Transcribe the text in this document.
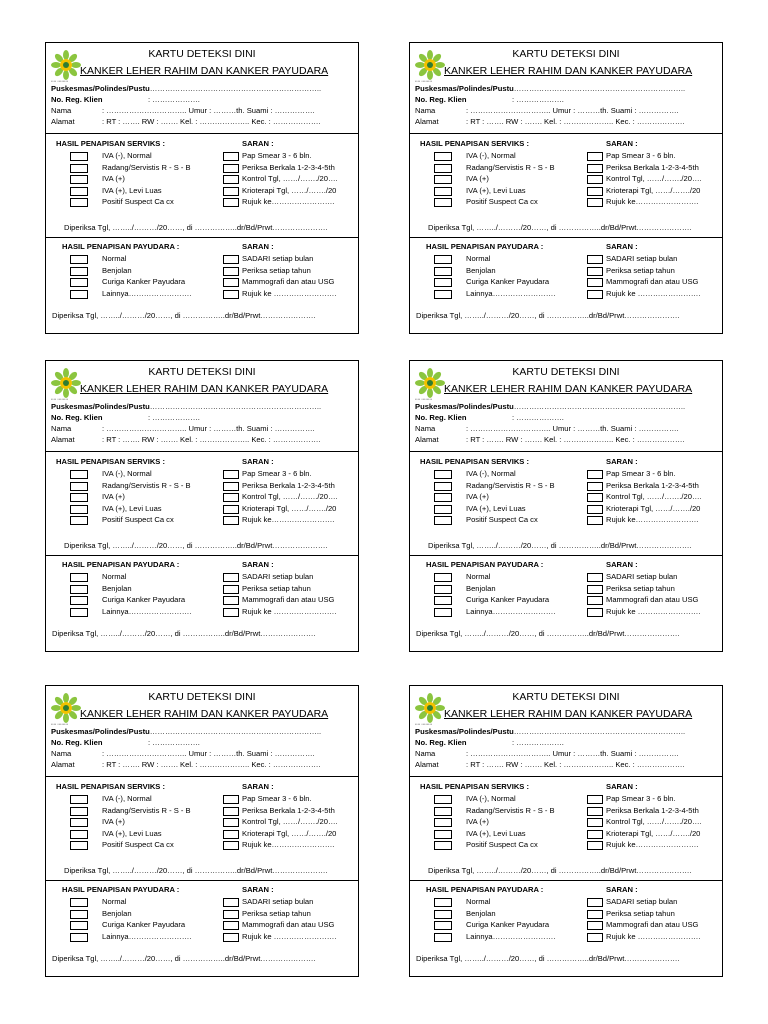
•••• ••••••••
KARTU DETEKSI DINI
KANKER LEHER RAHIM DAN KANKER PAYUDARA
Puskesmas/Polindes/Pustu…………………………………………………………..
No. Reg. Klien	: ……………….
Nama	: ………………………….. Umur : ………th. Suami : …………….
Alamat	: RT : ……. RW : ……. Kel. : ……………….. Kec. : ……………….
HASIL PENAPISAN SERVIKS :	SARAN :
IVA (-), Normal	Pap Smear 3 - 6 bln.
Radang/Servistis R - S - B	Periksa Berkala 1-2-3-4-5th
IVA (+)	Kontrol Tgl, ……/……./20….
IVA (+), Levi Luas	Krioterapi Tgl, ……/……./20
Positif Suspect Ca cx	Rujuk ke…………………….
Diperiksa Tgl, ……../………/20……, di ……………..dr/Bd/Prwt………………….
HASIL PENAPISAN PAYUDARA :	SARAN :
Normal	SADARI setiap bulan
Benjolan	Periksa setiap tahun
Curiga Kanker Payudara	Mammografi dan atau USG
Lainnya…………………….	Rujuk ke …………………….
Diperiksa Tgl, ……../………/20……, di ……………..dr/Bd/Prwt………………….
•••• ••••••••
KARTU DETEKSI DINI
KANKER LEHER RAHIM DAN KANKER PAYUDARA
Puskesmas/Polindes/Pustu…………………………………………………………..
No. Reg. Klien	: ……………….
Nama	: ………………………….. Umur : ………th. Suami : …………….
Alamat	: RT : ……. RW : ……. Kel. : ……………….. Kec. : ……………….
HASIL PENAPISAN SERVIKS :	SARAN :
IVA (-), Normal	Pap Smear 3 - 6 bln.
Radang/Servistis R - S - B	Periksa Berkala 1-2-3-4-5th
IVA (+)	Kontrol Tgl, ……/……./20….
IVA (+), Levi Luas	Krioterapi Tgl, ……/……./20
Positif Suspect Ca cx	Rujuk ke…………………….
Diperiksa Tgl, ……../………/20……, di ……………..dr/Bd/Prwt………………….
HASIL PENAPISAN PAYUDARA :	SARAN :
Normal	SADARI setiap bulan
Benjolan	Periksa setiap tahun
Curiga Kanker Payudara	Mammografi dan atau USG
Lainnya…………………….	Rujuk ke …………………….
Diperiksa Tgl, ……../………/20……, di ……………..dr/Bd/Prwt………………….
•••• ••••••••
KARTU DETEKSI DINI
KANKER LEHER RAHIM DAN KANKER PAYUDARA
Puskesmas/Polindes/Pustu…………………………………………………………..
No. Reg. Klien	: ……………….
Nama	: ………………………….. Umur : ………th. Suami : …………….
Alamat	: RT : ……. RW : ……. Kel. : ……………….. Kec. : ……………….
HASIL PENAPISAN SERVIKS :	SARAN :
IVA (-), Normal	Pap Smear 3 - 6 bln.
Radang/Servistis R - S - B	Periksa Berkala 1-2-3-4-5th
IVA (+)	Kontrol Tgl, ……/……./20….
IVA (+), Levi Luas	Krioterapi Tgl, ……/……./20
Positif Suspect Ca cx	Rujuk ke…………………….
Diperiksa Tgl, ……../………/20……, di ……………..dr/Bd/Prwt………………….
HASIL PENAPISAN PAYUDARA :	SARAN :
Normal	SADARI setiap bulan
Benjolan	Periksa setiap tahun
Curiga Kanker Payudara	Mammografi dan atau USG
Lainnya…………………….	Rujuk ke …………………….
Diperiksa Tgl, ……../………/20……, di ……………..dr/Bd/Prwt………………….
•••• ••••••••
KARTU DETEKSI DINI
KANKER LEHER RAHIM DAN KANKER PAYUDARA
Puskesmas/Polindes/Pustu…………………………………………………………..
No. Reg. Klien	: ……………….
Nama	: ………………………….. Umur : ………th. Suami : …………….
Alamat	: RT : ……. RW : ……. Kel. : ……………….. Kec. : ……………….
HASIL PENAPISAN SERVIKS :	SARAN :
IVA (-), Normal	Pap Smear 3 - 6 bln.
Radang/Servistis R - S - B	Periksa Berkala 1-2-3-4-5th
IVA (+)	Kontrol Tgl, ……/……./20….
IVA (+), Levi Luas	Krioterapi Tgl, ……/……./20
Positif Suspect Ca cx	Rujuk ke…………………….
Diperiksa Tgl, ……../………/20……, di ……………..dr/Bd/Prwt………………….
HASIL PENAPISAN PAYUDARA :	SARAN :
Normal	SADARI setiap bulan
Benjolan	Periksa setiap tahun
Curiga Kanker Payudara	Mammografi dan atau USG
Lainnya…………………….	Rujuk ke …………………….
Diperiksa Tgl, ……../………/20……, di ……………..dr/Bd/Prwt………………….
•••• ••••••••
KARTU DETEKSI DINI
KANKER LEHER RAHIM DAN KANKER PAYUDARA
Puskesmas/Polindes/Pustu…………………………………………………………..
No. Reg. Klien	: ……………….
Nama	: ………………………….. Umur : ………th. Suami : …………….
Alamat	: RT : ……. RW : ……. Kel. : ……………….. Kec. : ……………….
HASIL PENAPISAN SERVIKS :	SARAN :
IVA (-), Normal	Pap Smear 3 - 6 bln.
Radang/Servistis R - S - B	Periksa Berkala 1-2-3-4-5th
IVA (+)	Kontrol Tgl, ……/……./20….
IVA (+), Levi Luas	Krioterapi Tgl, ……/……./20
Positif Suspect Ca cx	Rujuk ke…………………….
Diperiksa Tgl, ……../………/20……, di ……………..dr/Bd/Prwt………………….
HASIL PENAPISAN PAYUDARA :	SARAN :
Normal	SADARI setiap bulan
Benjolan	Periksa setiap tahun
Curiga Kanker Payudara	Mammografi dan atau USG
Lainnya…………………….	Rujuk ke …………………….
Diperiksa Tgl, ……../………/20……, di ……………..dr/Bd/Prwt………………….
•••• ••••••••
KARTU DETEKSI DINI
KANKER LEHER RAHIM DAN KANKER PAYUDARA
Puskesmas/Polindes/Pustu…………………………………………………………..
No. Reg. Klien	: ……………….
Nama	: ………………………….. Umur : ………th. Suami : …………….
Alamat	: RT : ……. RW : ……. Kel. : ……………….. Kec. : ……………….
HASIL PENAPISAN SERVIKS :	SARAN :
IVA (-), Normal	Pap Smear 3 - 6 bln.
Radang/Servistis R - S - B	Periksa Berkala 1-2-3-4-5th
IVA (+)	Kontrol Tgl, ……/……./20….
IVA (+), Levi Luas	Krioterapi Tgl, ……/……./20
Positif Suspect Ca cx	Rujuk ke…………………….
Diperiksa Tgl, ……../………/20……, di ……………..dr/Bd/Prwt………………….
HASIL PENAPISAN PAYUDARA :	SARAN :
Normal	SADARI setiap bulan
Benjolan	Periksa setiap tahun
Curiga Kanker Payudara	Mammografi dan atau USG
Lainnya…………………….	Rujuk ke …………………….
Diperiksa Tgl, ……../………/20……, di ……………..dr/Bd/Prwt………………….
